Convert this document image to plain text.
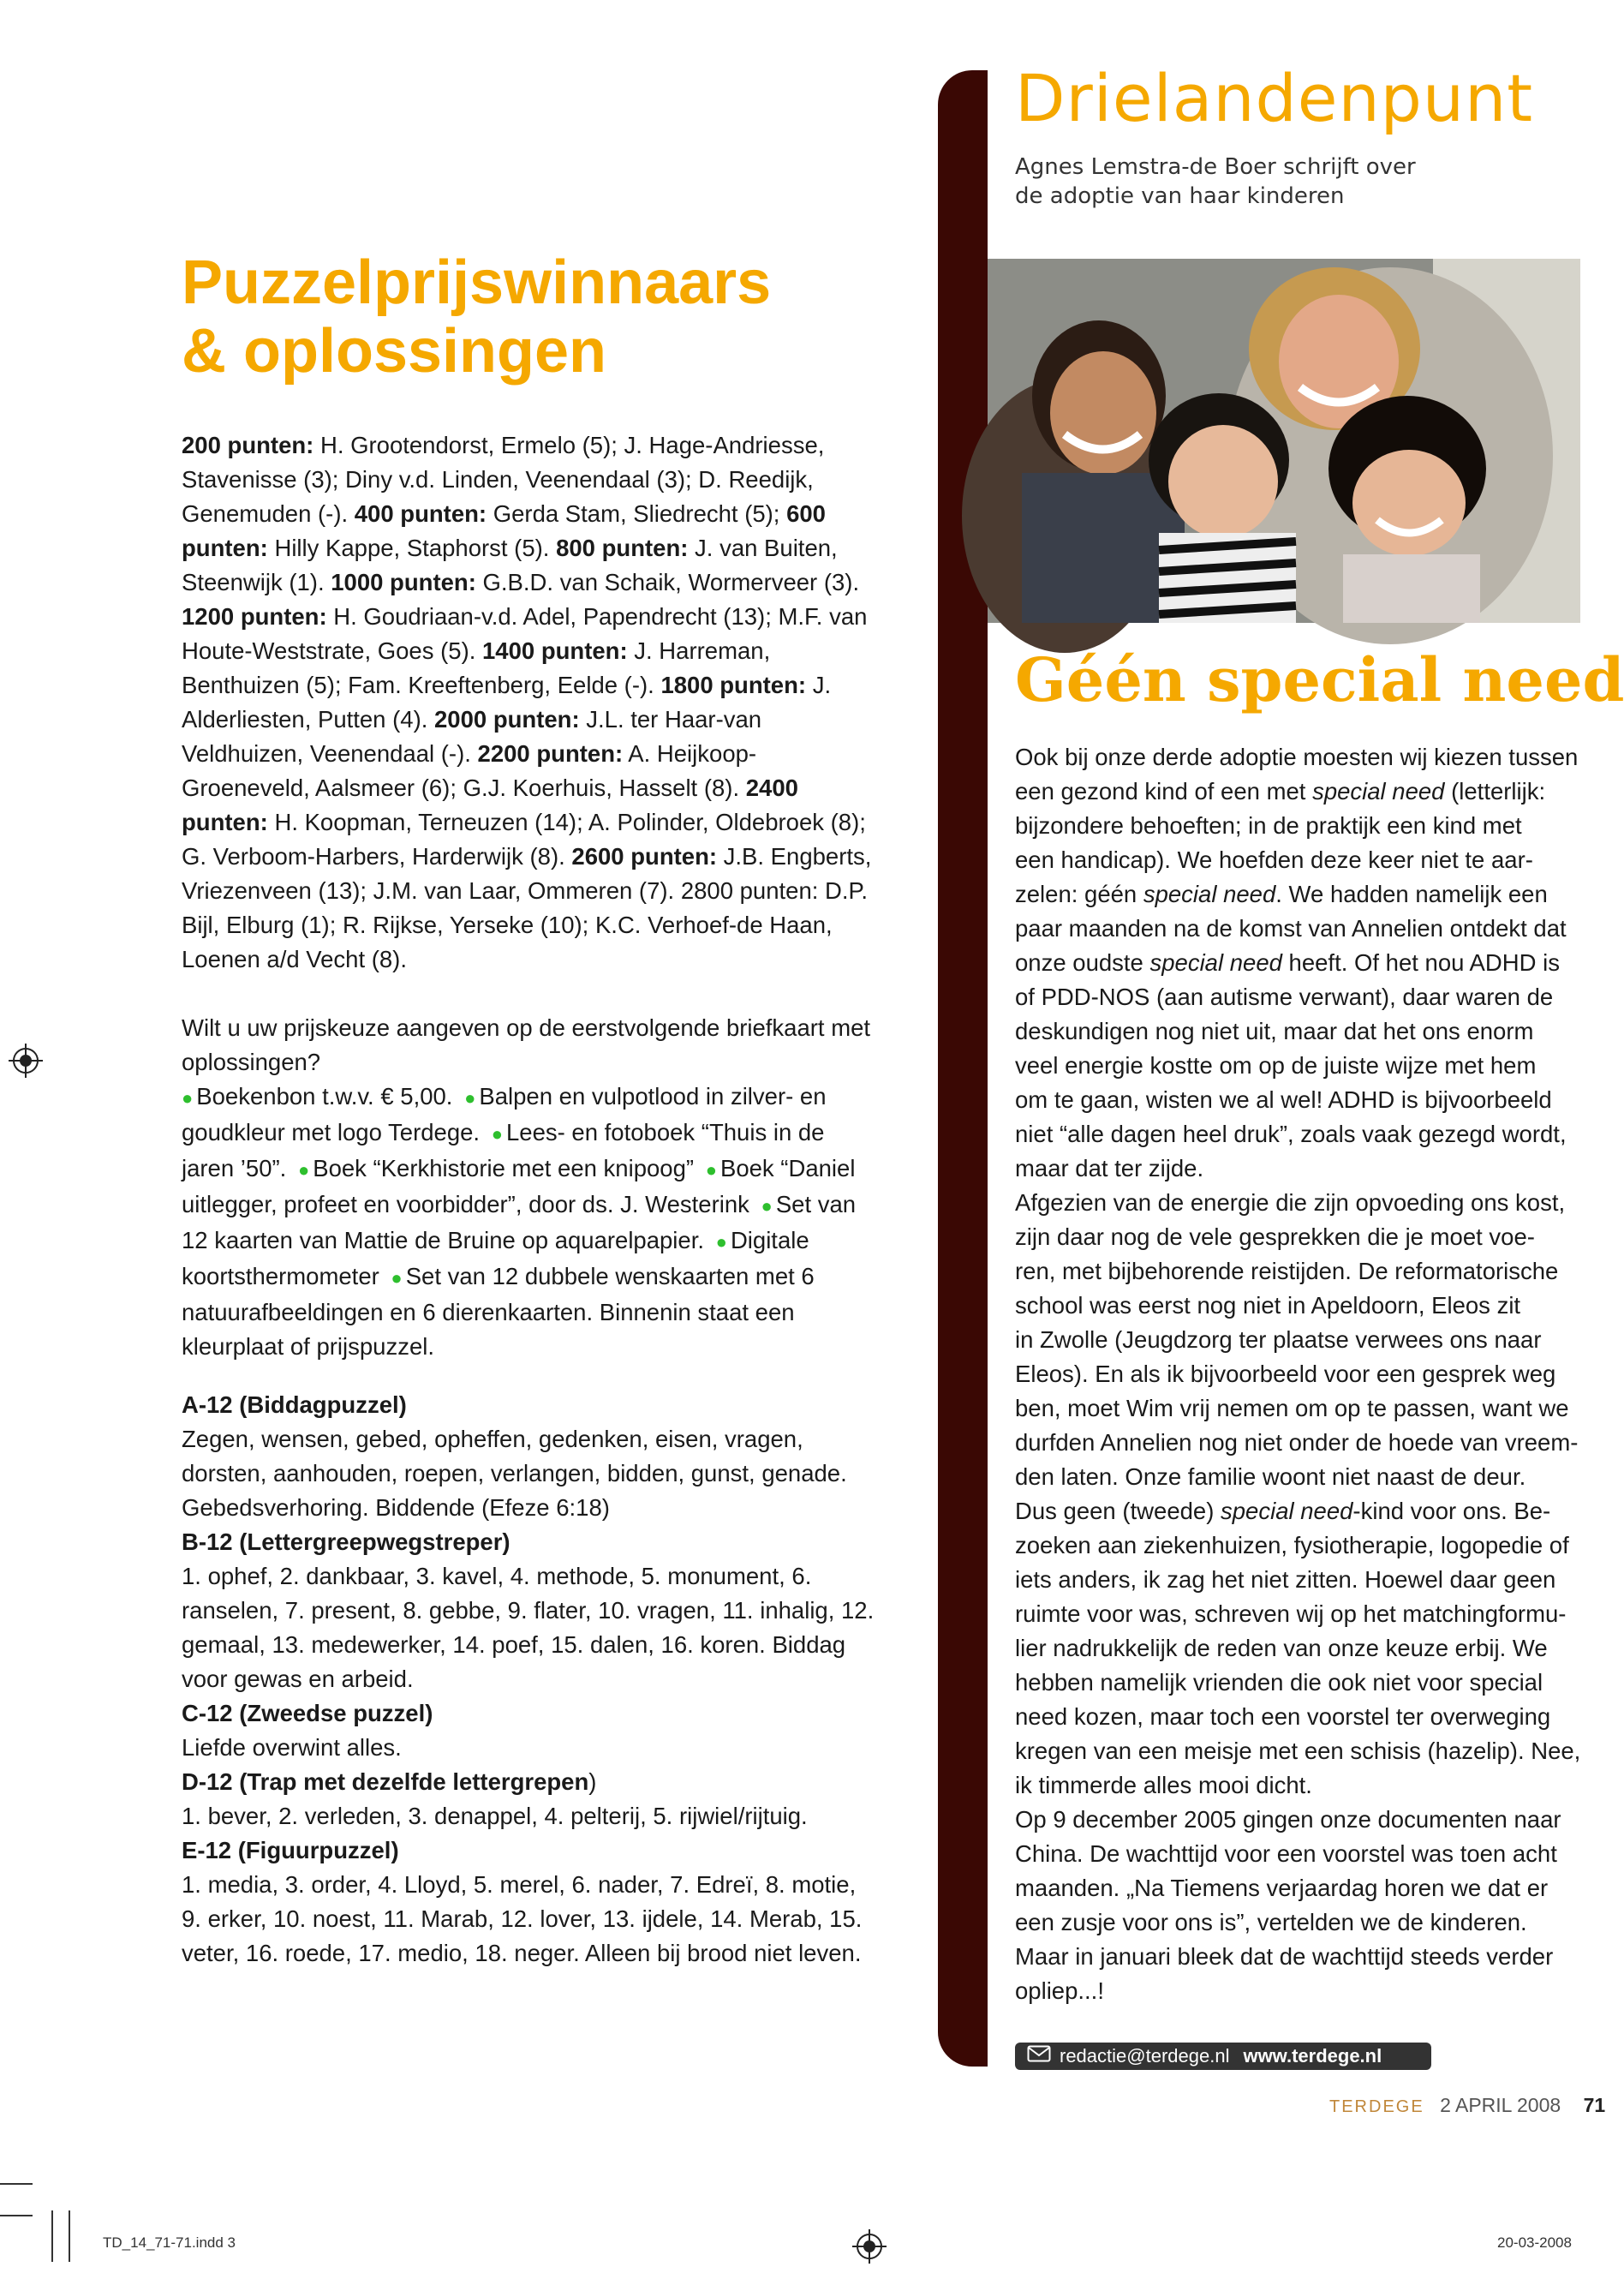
Puzzelprijswinnaars
& oplossingen

200 punten: H. Grootendorst, Ermelo (5); J. Hage-Andriesse, Stavenisse (3); Diny v.d. Linden, Veenendaal (3); D. Reedijk, Genemuden (-). 400 punten: Gerda Stam, Sliedrecht (5); 600 punten: Hilly Kappe, Staphorst (5). 800 punten: J. van Buiten, Steenwijk (1). 1000 punten: G.B.D. van Schaik, Wormerveer (3). 1200 punten: H. Goudriaan-v.d. Adel, Papendrecht (13); M.F. van Houte-Weststrate, Goes (5). 1400 punten: J. Harreman, Benthuizen (5); Fam. Kreeftenberg, Eelde (-). 1800 punten: J. Alderliesten, Putten (4). 2000 punten: J.L. ter Haar-van Veldhuizen, Veenendaal (-). 2200 punten: A. Heijkoop-Groeneveld, Aalsmeer (6); G.J. Koerhuis, Hasselt (8). 2400 punten: H. Koopman, Terneuzen (14); A. Polinder, Oldebroek (8); G. Verboom-Harbers, Harderwijk (8). 2600 punten: J.B. Engberts, Vriezenveen (13); J.M. van Laar, Ommeren (7). 2800 punten: D.P. Bijl, Elburg (1); R. Rijkse, Yerseke (10); K.C. Verhoef-de Haan, Loenen a/d Vecht (8).

Wilt u uw prijskeuze aangeven op de eerstvolgende briefkaart met oplossingen?

● Boekenbon t.w.v. € 5,00. ● Balpen en vulpotlood in zilver- en goudkleur met logo Terdege. ● Lees- en fotoboek “Thuis in de jaren ’50”. ● Boek “Kerkhistorie met een knipoog” ● Boek “Daniel uitlegger, profeet en voorbidder”, door ds. J. Westerink ● Set van 12 kaarten van Mattie de Bruine op aquarelpapier. ● Digitale koortsthermometer ● Set van 12 dubbele wenskaarten met 6 natuurafbeeldingen en 6 dierenkaarten. Binnenin staat een kleurplaat of prijspuzzel.

A-12 (Biddagpuzzel)

Zegen, wensen, gebed, opheffen, gedenken, eisen, vragen, dorsten, aanhouden, roepen, verlangen, bidden, gunst, genade. Gebedsverhoring. Biddende (Efeze 6:18)

B-12 (Lettergreepwegstreper)

1. ophef, 2. dankbaar, 3. kavel, 4. methode, 5. monument, 6. ranselen, 7. present, 8. gebbe, 9. flater, 10. vragen, 11. inhalig, 12. gemaal, 13. medewerker, 14. poef, 15. dalen, 16. koren. Biddag voor gewas en arbeid.

C-12 (Zweedse puzzel)

Liefde overwint alles.

D-12 (Trap met dezelfde lettergrepen)

1. bever, 2. verleden, 3. denappel, 4. pelterij, 5. rijwiel/rijtuig.

E-12 (Figuurpuzzel)

1. media, 3. order, 4. Lloyd, 5. merel, 6. nader, 7. Edreï, 8. motie, 9. erker, 10. noest, 11. Marab, 12. lover, 13. ijdele, 14. Merab, 15. veter, 16. roede, 17. medio, 18. neger. Alleen bij brood niet leven.

Drielandenpunt
Agnes Lemstra-de Boer schrijft over
de adoptie van haar kinderen
Géén special need

Ook bij onze derde adoptie moesten wij kiezen tussen

een gezond kind of een met special need (letterlijk:

bijzondere behoeften; in de praktijk een kind met

een handicap). We hoefden deze keer niet te aar-

zelen: géén special need. We hadden namelijk een

paar maanden na de komst van Annelien ontdekt dat

onze oudste special need heeft. Of het nou ADHD is

of PDD-NOS (aan autisme verwant), daar waren de

deskundigen nog niet uit, maar dat het ons enorm

veel energie kostte om op de juiste wijze met hem

om te gaan, wisten we al wel! ADHD is bijvoorbeeld

niet “alle dagen heel druk”, zoals vaak gezegd wordt,

maar dat ter zijde.

Afgezien van de energie die zijn opvoeding ons kost,

zijn daar nog de vele gesprekken die je moet voe-

ren, met bijbehorende reistijden. De reformatorische

school was eerst nog niet in Apeldoorn, Eleos zit

in Zwolle (Jeugdzorg ter plaatse verwees ons naar

Eleos). En als ik bijvoorbeeld voor een gesprek weg

ben, moet Wim vrij nemen om op te passen, want we

durfden Annelien nog niet onder de hoede van vreem-

den laten. Onze familie woont niet naast de deur.

Dus geen (tweede) special need-kind voor ons. Be-

zoeken aan ziekenhuizen, fysiotherapie, logopedie of

iets anders, ik zag het niet zitten. Hoewel daar geen

ruimte voor was, schreven wij op het matchingformu-

lier nadrukkelijk de reden van onze keuze erbij. We

hebben namelijk vrienden die ook niet voor special

need kozen, maar toch een voorstel ter overweging

kregen van een meisje met een schisis (hazelip). Nee,

ik timmerde alles mooi dicht.

Op 9 december 2005 gingen onze documenten naar

China. De wachttijd voor een voorstel was toen acht

maanden. „Na Tiemens verjaardag horen we dat er

een zusje voor ons is”, vertelden we de kinderen.

Maar in januari bleek dat de wachttijd steeds verder

opliep...!

redactie@terdege.nl www.terdege.nl
TERDEGE 2 APRIL 2008 71
TD_14_71-71.indd 3	20-03-2008
